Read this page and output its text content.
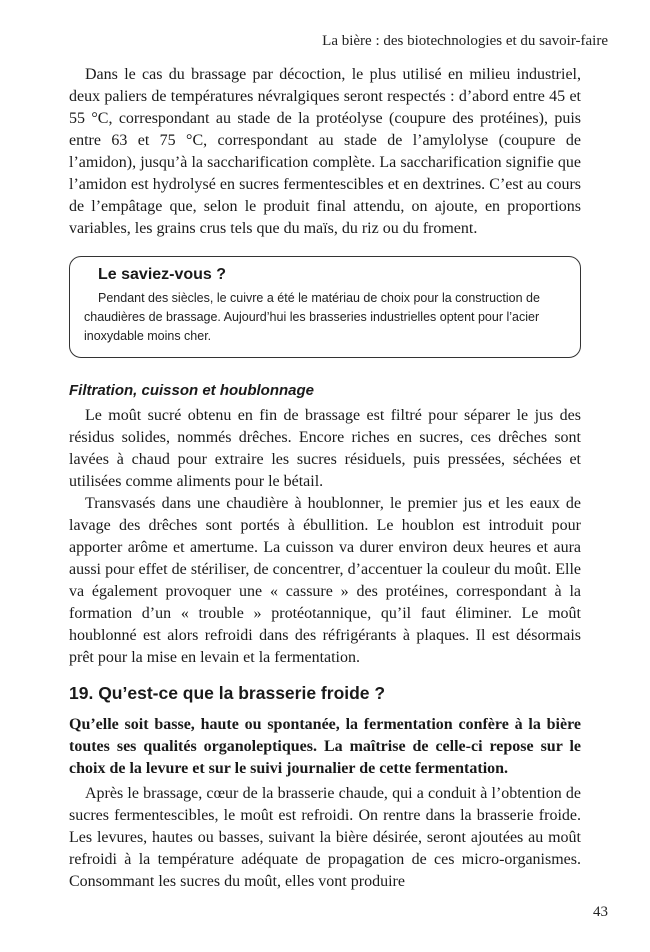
La bière : des biotechnologies et du savoir-faire

Dans le cas du brassage par décoction, le plus utilisé en milieu industriel, deux paliers de températures névralgiques seront respectés : d’abord entre 45 et 55 °C, correspondant au stade de la protéolyse (coupure des protéines), puis entre 63 et 75 °C, correspondant au stade de l’amylolyse (coupure de l’amidon), jusqu’à la saccharification complète. La saccharification signifie que l’amidon est hydrolysé en sucres fermentescibles et en dextrines. C’est au cours de l’empâtage que, selon le produit final attendu, on ajoute, en proportions variables, les grains crus tels que du maïs, du riz ou du froment.

Le saviez-vous ?

Pendant des siècles, le cuivre a été le matériau de choix pour la construction de chaudières de brassage. Aujourd’hui les brasseries industrielles optent pour l’acier inoxydable moins cher.

Filtration, cuisson et houblonnage

Le moût sucré obtenu en fin de brassage est filtré pour séparer le jus des résidus solides, nommés drêches. Encore riches en sucres, ces drêches sont lavées à chaud pour extraire les sucres résiduels, puis pressées, séchées et utilisées comme aliments pour le bétail.

Transvasés dans une chaudière à houblonner, le premier jus et les eaux de lavage des drêches sont portés à ébullition. Le houblon est introduit pour apporter arôme et amertume. La cuisson va durer environ deux heures et aura aussi pour effet de stériliser, de concentrer, d’accentuer la couleur du moût. Elle va également provoquer une « cassure » des protéines, correspondant à la formation d’un « trouble » protéotannique, qu’il faut éliminer. Le moût houblonné est alors refroidi dans des réfrigérants à plaques. Il est désormais prêt pour la mise en levain et la fermentation.

19. Qu’est-ce que la brasserie froide ?

Qu’elle soit basse, haute ou spontanée, la fermentation confère à la bière toutes ses qualités organoleptiques. La maîtrise de celle-ci repose sur le choix de la levure et sur le suivi journalier de cette fermentation.

Après le brassage, cœur de la brasserie chaude, qui a conduit à l’obtention de sucres fermentescibles, le moût est refroidi. On rentre dans la brasserie froide. Les levures, hautes ou basses, suivant la bière désirée, seront ajoutées au moût refroidi à la température adéquate de propagation de ces micro-organismes. Consommant les sucres du moût, elles vont produire

43
